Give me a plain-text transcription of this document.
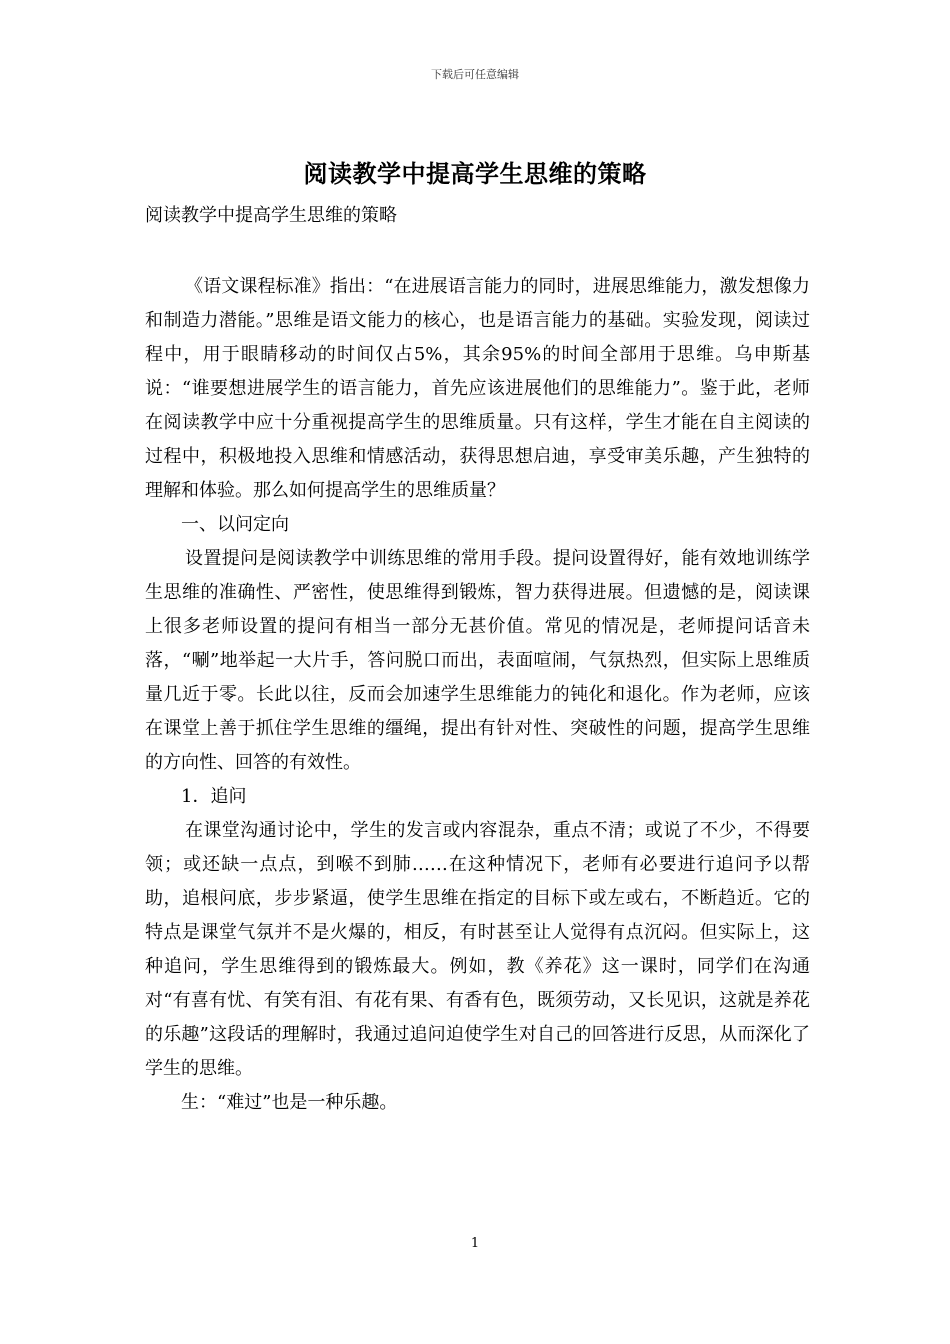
下载后可任意编辑
阅读教学中提高学生思维的策略

阅读教学中提高学生思维的策略

《语文课程标准》指出：“在进展语言能力的同时，进展思维能力，激发想像力和制造力潜能。”思维是语文能力的核心，也是语言能力的基础。实验发现，阅读过程中，用于眼睛移动的时间仅占5%，其余95%的时间全部用于思维。乌申斯基说：“谁要想进展学生的语言能力，首先应该进展他们的思维能力”。鉴于此，老师在阅读教学中应十分重视提高学生的思维质量。只有这样，学生才能在自主阅读的过程中，积极地投入思维和情感活动，获得思想启迪，享受审美乐趣，产生独特的理解和体验。那么如何提高学生的思维质量？

一、以问定向

设置提问是阅读教学中训练思维的常用手段。提问设置得好，能有效地训练学生思维的准确性、严密性，使思维得到锻炼，智力获得进展。但遗憾的是，阅读课上很多老师设置的提问有相当一部分无甚价值。常见的情况是，老师提问话音未落，“唰”地举起一大片手，答问脱口而出，表面喧闹，气氛热烈，但实际上思维质量几近于零。长此以往，反而会加速学生思维能力的钝化和退化。作为老师，应该在课堂上善于抓住学生思维的缰绳，提出有针对性、突破性的问题，提高学生思维的方向性、回答的有效性。

1．追问

在课堂沟通讨论中，学生的发言或内容混杂，重点不清；或说了不少，不得要领；或还缺一点点，到喉不到肺……在这种情况下，老师有必要进行追问予以帮助，追根问底，步步紧逼，使学生思维在指定的目标下或左或右，不断趋近。它的特点是课堂气氛并不是火爆的，相反，有时甚至让人觉得有点沉闷。但实际上，这种追问，学生思维得到的锻炼最大。例如，教《养花》这一课时，同学们在沟通对“有喜有忧、有笑有泪、有花有果、有香有色，既须劳动，又长见识，这就是养花的乐趣”这段话的理解时，我通过追问迫使学生对自己的回答进行反思，从而深化了学生的思维。

生：“难过”也是一种乐趣。

1
